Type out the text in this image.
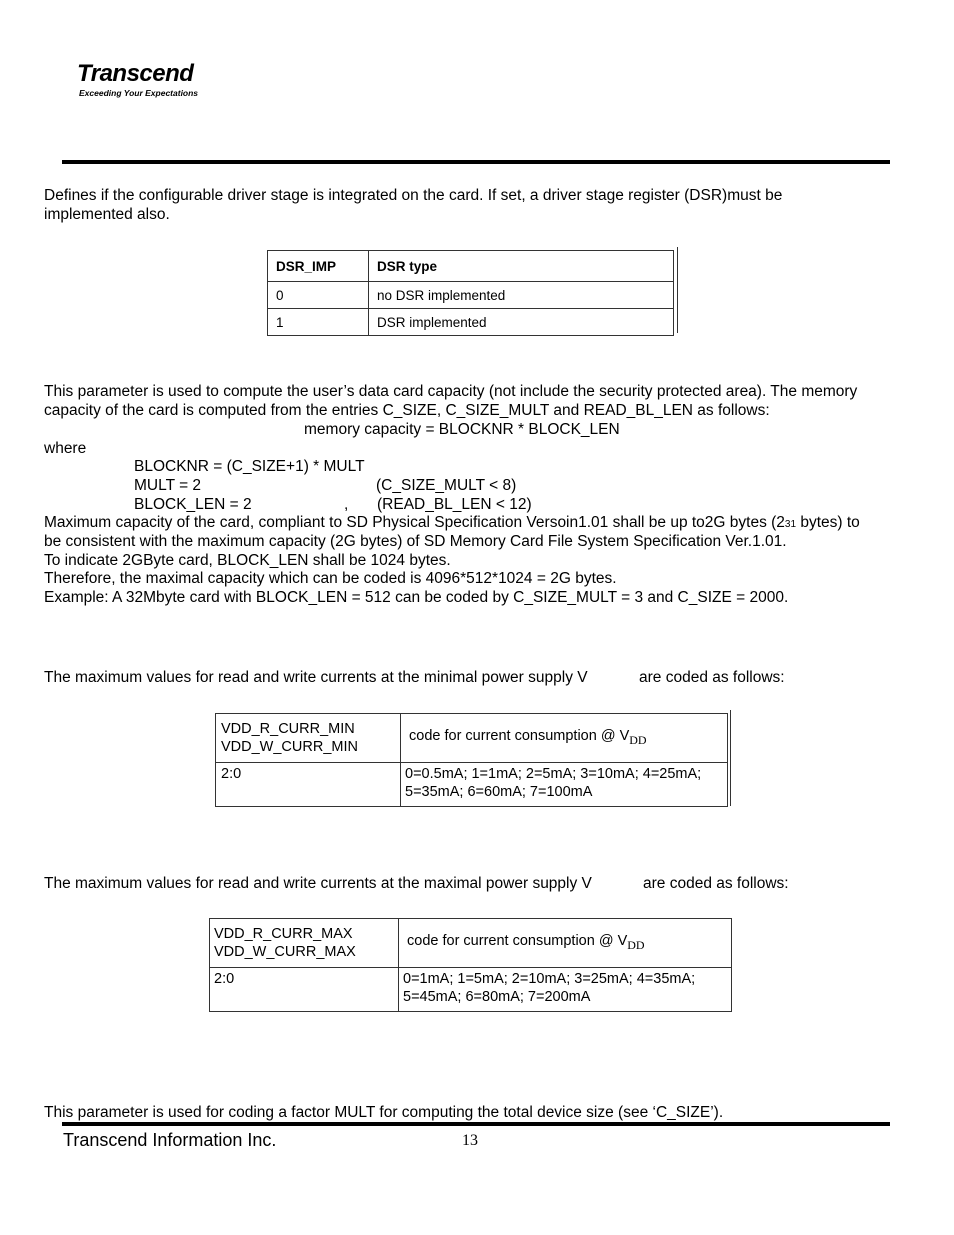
Transcend
Exceeding Your Expectations
Defines if the configurable driver stage is integrated on the card. If set, a driver stage register (DSR)must be
implemented also.
DSR_IMP	DSR type
0	no DSR implemented
1	DSR implemented
This parameter is used to compute the user’s data card capacity (not include the security protected area). The memory
capacity of the card is computed from the entries C_SIZE, C_SIZE_MULT and READ_BL_LEN as follows:
memory capacity = BLOCKNR * BLOCK_LEN
where
BLOCKNR = (C_SIZE+1) * MULT
MULT = 2	(C_SIZE_MULT < 8)
BLOCK_LEN = 2	, (READ_BL_LEN < 12)
Maximum capacity of the card, compliant to SD Physical Specification Versoin1.01 shall be up to2G bytes (231 bytes) to
be consistent with the maximum capacity (2G bytes) of SD Memory Card File System Specification Ver.1.01.
To indicate 2GByte card, BLOCK_LEN shall be 1024 bytes.
Therefore, the maximal capacity which can be coded is 4096*512*1024 = 2G bytes.
Example: A 32Mbyte card with BLOCK_LEN = 512 can be coded by C_SIZE_MULT = 3 and C_SIZE = 2000.
The maximum values for read and write currents at the minimal power supply V	are coded as follows:
VDD_R_CURR_MIN
VDD_W_CURR_MIN	code for current consumption @ $V_{DD}$
2:0	0=0.5mA; 1=1mA; 2=5mA; 3=10mA; 4=25mA;
5=35mA; 6=60mA; 7=100mA
The maximum values for read and write currents at the maximal power supply V	are coded as follows:
VDD_R_CURR_MAX
VDD_W_CURR_MAX	code for current consumption @ $V_{DD}$
2:0	0=1mA; 1=5mA; 2=10mA; 3=25mA; 4=35mA;
5=45mA; 6=80mA; 7=200mA
This parameter is used for coding a factor MULT for computing the total device size (see ‘C_SIZE’).
Transcend Information Inc.	13
